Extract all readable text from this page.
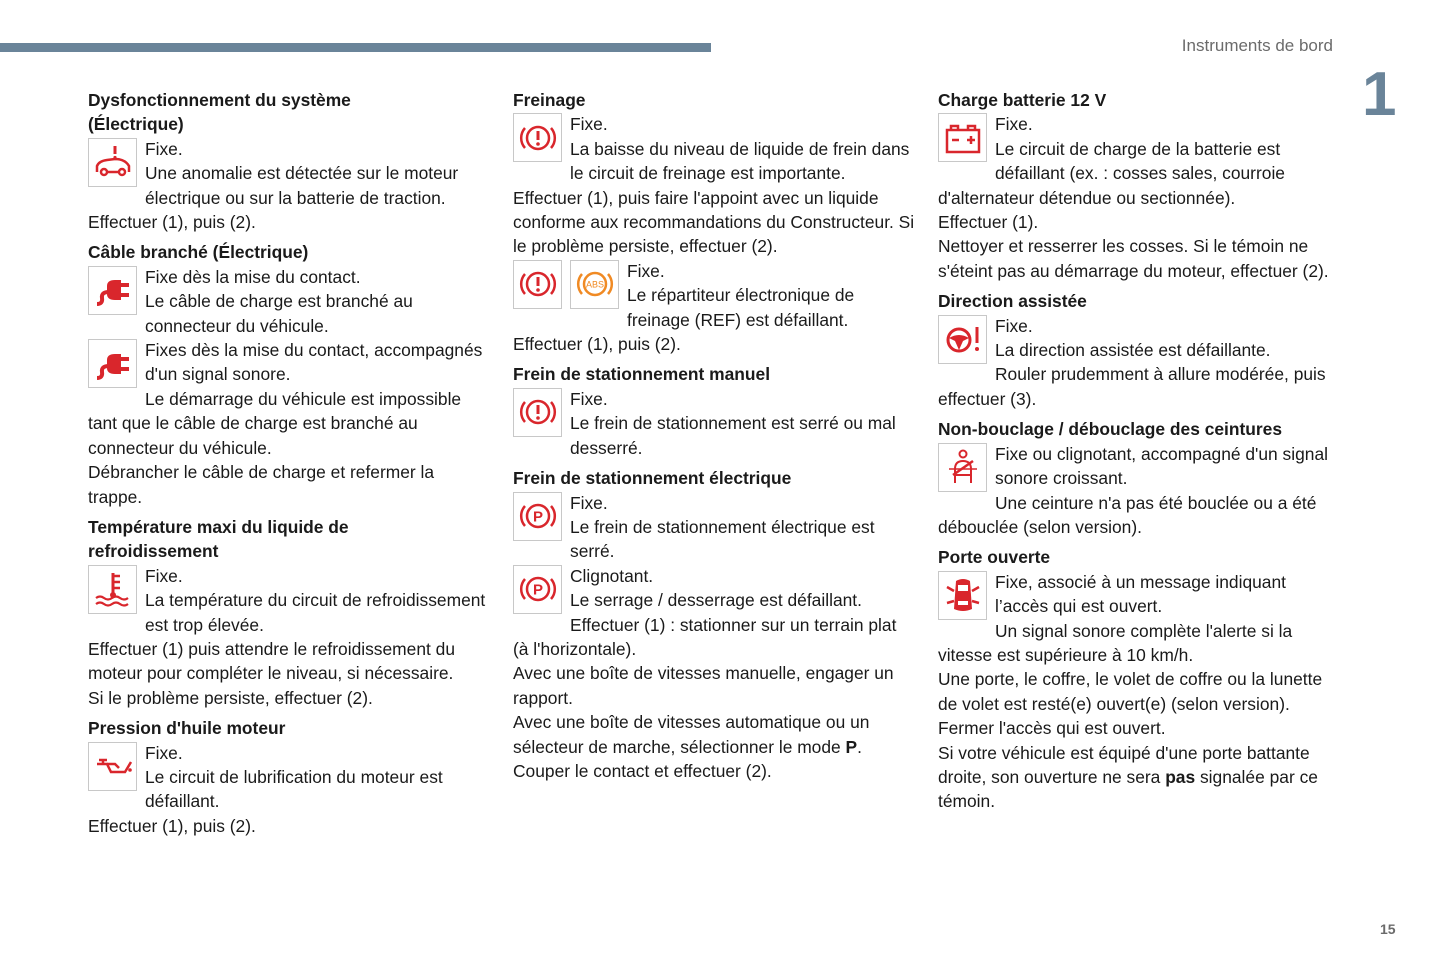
Instruments de bord
1
15
Dysfonctionnement du système
(Électrique)
Fixe.
Une anomalie est détectée sur le moteur électrique ou sur la batterie de traction.
Effectuer (1), puis (2).
Câble branché (Électrique)
Fixe dès la mise du contact.
Le câble de charge est branché au connecteur du véhicule.
Fixes dès la mise du contact, accompagnés d'un signal sonore.
Le démarrage du véhicule est impossible tant que le câble de charge est branché au connecteur du véhicule.
Débrancher le câble de charge et refermer la trappe.
Température maxi du liquide de
refroidissement
Fixe.
La température du circuit de refroidissement est trop élevée.
Effectuer (1) puis attendre le refroidissement du moteur pour compléter le niveau, si nécessaire.
Si le problème persiste, effectuer (2).
Pression d'huile moteur
Fixe.
Le circuit de lubrification du moteur est défaillant.
Effectuer (1), puis (2).
Freinage
Fixe.
La baisse du niveau de liquide de frein dans le circuit de freinage est importante.
Effectuer (1), puis faire l'appoint avec un liquide conforme aux recommandations du Constructeur. Si le problème persiste, effectuer (2).
ABS
Fixe.
Le répartiteur électronique de freinage (REF) est défaillant.
Effectuer (1), puis (2).
Frein de stationnement manuel
Fixe.
Le frein de stationnement est serré ou mal desserré.
Frein de stationnement électrique
P
Fixe.
Le frein de stationnement électrique est serré.
P
Clignotant.
Le serrage / desserrage est défaillant.
Effectuer (1) : stationner sur un terrain plat (à l'horizontale).
Avec une boîte de vitesses manuelle, engager un rapport.
Avec une boîte de vitesses automatique ou un sélecteur de marche, sélectionner le mode P.
Couper le contact et effectuer (2).
Charge batterie 12 V
Fixe.
Le circuit de charge de la batterie est défaillant (ex. : cosses sales, courroie d'alternateur détendue ou sectionnée).
Effectuer (1).
Nettoyer et resserrer les cosses. Si le témoin ne s'éteint pas au démarrage du moteur, effectuer (2).
Direction assistée
Fixe.
La direction assistée est défaillante.
Rouler prudemment à allure modérée, puis effectuer (3).
Non-bouclage / débouclage des ceintures
Fixe ou clignotant, accompagné d'un signal sonore croissant.
Une ceinture n'a pas été bouclée ou a été débouclée (selon version).
Porte ouverte
Fixe, associé à un message indiquant l’accès qui est ouvert.
Un signal sonore complète l'alerte si la vitesse est supérieure à 10 km/h.
Une porte, le coffre, le volet de coffre ou la lunette de volet est resté(e) ouvert(e) (selon version).
Fermer l'accès qui est ouvert.
Si votre véhicule est équipé d'une porte battante droite, son ouverture ne sera pas signalée par ce témoin.
